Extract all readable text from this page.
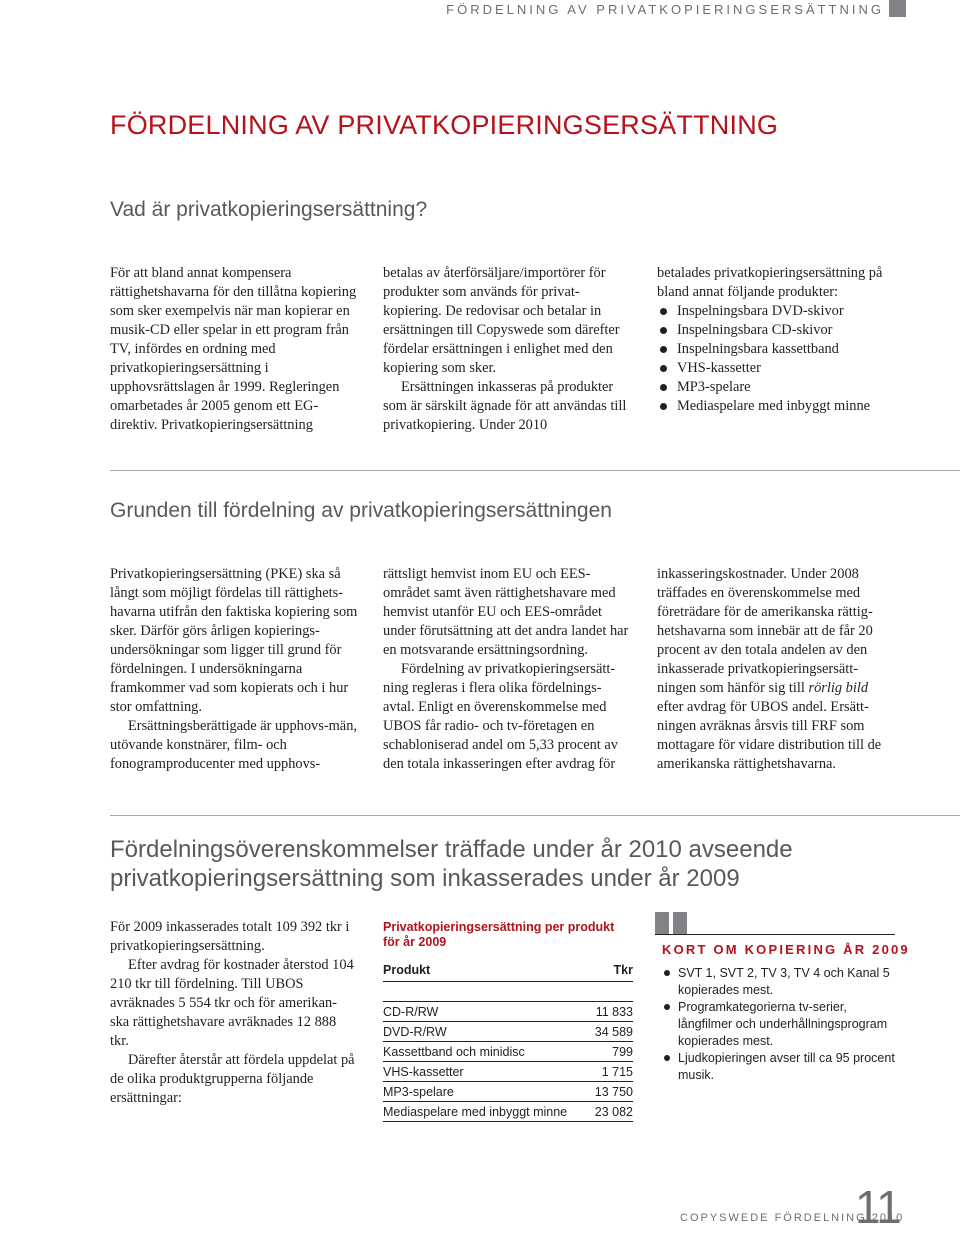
FÖRDELNING AV PRIVATKOPIERINGSERSÄTTNING
FÖRDELNING AV PRIVATKOPIERINGSERSÄTTNING
Vad är privatkopieringsersättning?

För att bland annat kompensera rättighetshavarna för den tillåtna kopiering som sker exempelvis när man kopierar en musik-CD eller spelar in ett program från TV, infördes en ordning med privatkopieringsersättning i upphovsrättslagen år 1999. Regleringen omarbetades år 2005 genom ett EG-direktiv. Privatkopieringsersättning

betalas av återförsäljare/importörer för produkter som används för privat-kopiering. De redovisar och betalar in ersättningen till Copyswede som därefter fördelar ersättningen i enlighet med den kopiering som sker.

Ersättningen inkasseras på produkter som är särskilt ägnade för att användas till privatkopiering. Under 2010

betalades privatkopieringsersättning på bland annat följande produkter:

Inspelningsbara DVD-skivor
Inspelningsbara CD-skivor
Inspelningsbara kassettband
VHS-kassetter
MP3-spelare
Mediaspelare med inbyggt minne
Grunden till fördelning av privatkopieringsersättningen

Privatkopieringsersättning (PKE) ska så långt som möjligt fördelas till rättighets-havarna utifrån den faktiska kopiering som sker. Därför görs årligen kopierings-undersökningar som ligger till grund för fördelningen. I undersökningarna framkommer vad som kopierats och i hur stor omfattning.

Ersättningsberättigade är upphovs-män, utövande konstnärer, film- och fonogramproducenter med upphovs-

rättsligt hemvist inom EU och EES-området samt även rättighetshavare med hemvist utanför EU och EES-området under förutsättning att det andra landet har en motsvarande ersättningsordning.

Fördelning av privatkopieringsersätt-ning regleras i flera olika fördelnings-avtal. Enligt en överenskommelse med UBOS får radio- och tv-företagen en schabloniserad andel om 5,33 procent av den totala inkasseringen efter avdrag för

inkasseringskostnader. Under 2008 träffades en överenskommelse med företrädare för de amerikanska rättig-hetshavarna som innebär att de får 20 procent av den totala andelen av den inkasserade privatkopieringsersätt-ningen som hänför sig till rörlig bild efter avdrag för UBOS andel. Ersätt-ningen avräknas årsvis till FRF som mottagare för vidare distribution till de amerikanska rättighetshavarna.

Fördelningsöverenskommelser träffade under år 2010 avseende
privatkopieringsersättning som inkasserades under år 2009

För 2009 inkasserades totalt 109 392 tkr i privatkopieringsersättning.

Efter avdrag för kostnader återstod 104 210 tkr till fördelning. Till UBOS avräknades 5 554 tkr och för amerikan-ska rättighetshavare avräknades 12 888 tkr.

Därefter återstår att fördela uppdelat på de olika produktgrupperna följande ersättningar:

Privatkopieringsersättning per produkt
för år 2009
Produkt	Tkr

CD-R/RW	11 833
DVD-R/RW	34 589
Kassettband och minidisc	799
VHS-kassetter	1 715
MP3-spelare	13 750
Mediaspelare med inbyggt minne	23 082
KORT OM KOPIERING ÅR 2009
SVT 1, SVT 2, TV 3, TV 4 och Kanal 5 kopierades mest.
Programkategorierna tv-serier, långfilmer och underhållningsprogram kopierades mest.
Ljudkopieringen avser till ca 95 procent musik.
COPYSWEDE FÖRDELNING 2010
11
